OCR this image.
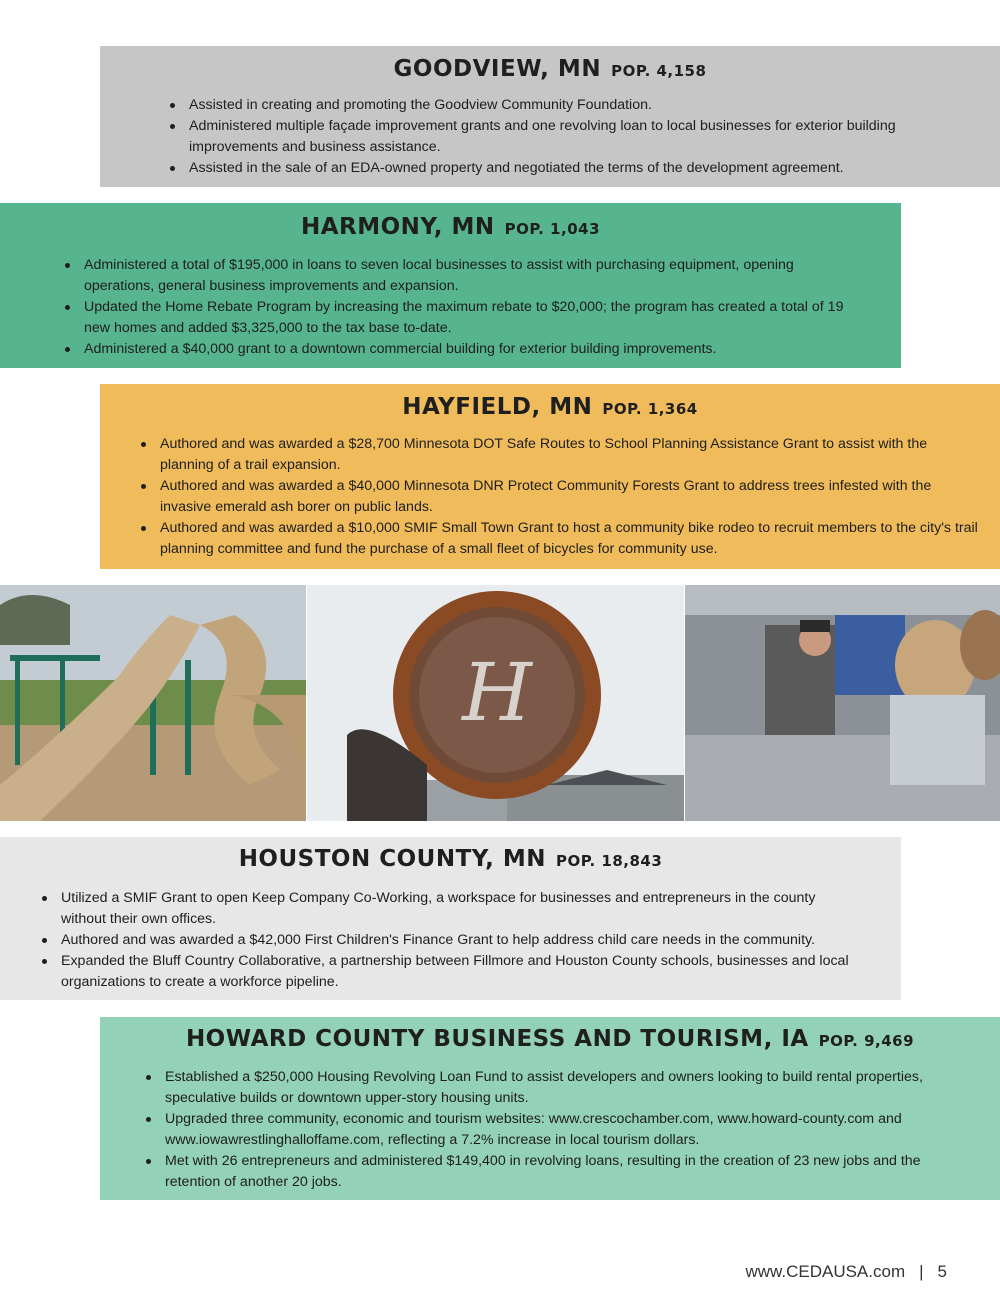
GOODVIEW, MN POP. 4,158
Assisted in creating and promoting the Goodview Community Foundation.
Administered multiple façade improvement grants and one revolving loan to local businesses for exterior building improvements and business assistance.
Assisted in the sale of an EDA-owned property and negotiated the terms of the development agreement.
HARMONY, MN POP. 1,043
Administered a total of $195,000 in loans to seven local businesses to assist with purchasing equipment, opening operations, general business improvements and expansion.
Updated the Home Rebate Program by increasing the maximum rebate to $20,000; the program has created a total of 19 new homes and added $3,325,000 to the tax base to-date.
Administered a $40,000 grant to a downtown commercial building for exterior building improvements.
HAYFIELD, MN POP. 1,364
Authored and was awarded a $28,700 Minnesota DOT Safe Routes to School Planning Assistance Grant to assist with the planning of a trail expansion.
Authored and was awarded a $40,000 Minnesota DNR Protect Community Forests Grant to address trees infested with the invasive emerald ash borer on public lands.
Authored and was awarded a $10,000 SMIF Small Town Grant to host a community bike rodeo to recruit members to the city's trail planning committee and fund the purchase of a small fleet of bicycles for community use.
H
HOUSTON COUNTY, MN POP. 18,843
Utilized a SMIF Grant to open Keep Company Co-Working, a workspace for businesses and entrepreneurs in the county without their own offices.
Authored and was awarded a $42,000 First Children's Finance Grant to help address child care needs in the community.
Expanded the Bluff Country Collaborative, a partnership between Fillmore and Houston County schools, businesses and local organizations to create a workforce pipeline.
HOWARD COUNTY BUSINESS AND TOURISM, IA POP. 9,469
Established a $250,000 Housing Revolving Loan Fund to assist developers and owners looking to build rental properties, speculative builds or downtown upper-story housing units.
Upgraded three community, economic and tourism websites: www.crescochamber.com, www.howard-county.com and www.iowawrestlinghalloffame.com, reflecting a 7.2% increase in local tourism dollars.
Met with 26 entrepreneurs and administered $149,400 in revolving loans, resulting in the creation of 23 new jobs and the retention of another 20 jobs.
www.CEDAUSA.com | 5
